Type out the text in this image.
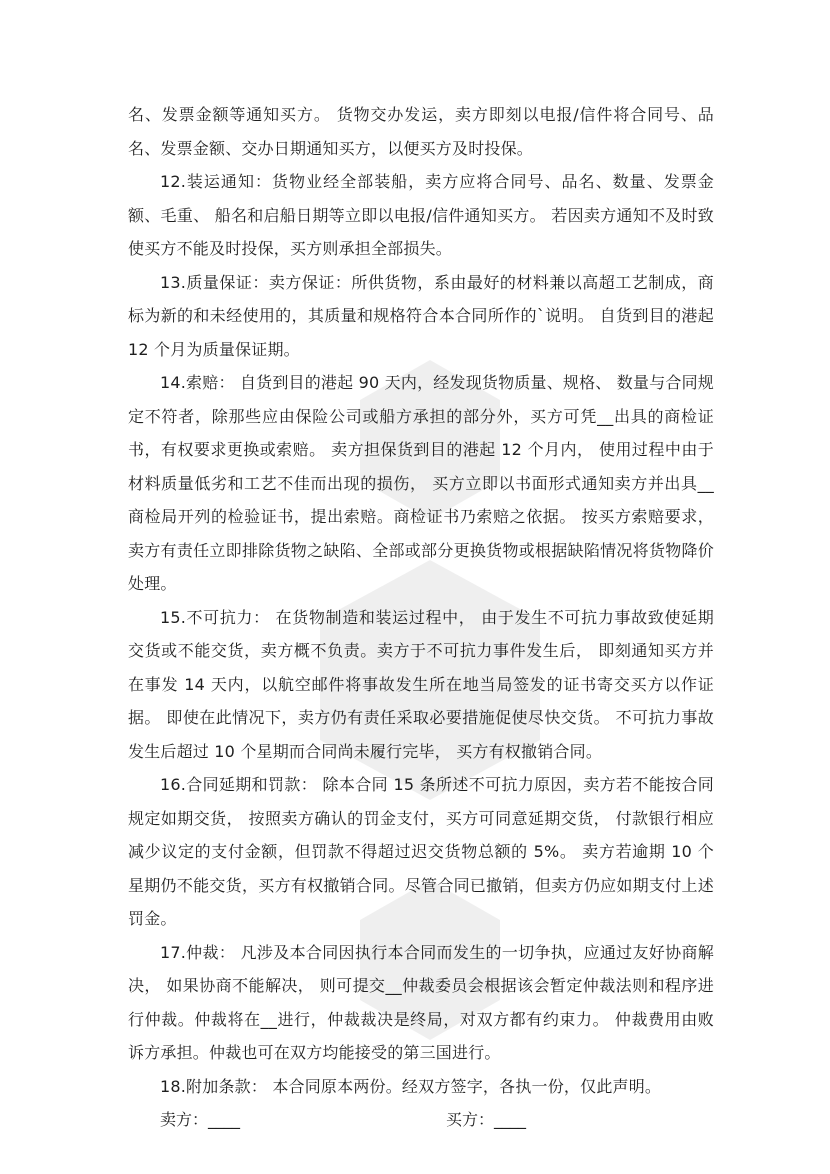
名、发票金额等通知买方。 货物交办发运，卖方即刻以电报/信件将合同号、品名、发票金额、交办日期通知买方，以便买方及时投保。

12.装运通知：货物业经全部装船，卖方应将合同号、品名、数量、发票金额、毛重、 船名和启船日期等立即以电报/信件通知买方。 若因卖方通知不及时致使买方不能及时投保，买方则承担全部损失。

13.质量保证：卖方保证：所供货物，系由最好的材料兼以高超工艺制成，商标为新的和未经使用的，其质量和规格符合本合同所作的`说明。 自货到目的港起 12 个月为质量保证期。

14.索赔： 自货到目的港起 90 天内，经发现货物质量、规格、 数量与合同规定不符者，除那些应由保险公司或船方承担的部分外，买方可凭__出具的商检证书，有权要求更换或索赔。 卖方担保货到目的港起 12 个月内， 使用过程中由于材料质量低劣和工艺不佳而出现的损伤， 买方立即以书面形式通知卖方并出具__商检局开列的检验证书，提出索赔。商检证书乃索赔之依据。 按买方索赔要求， 卖方有责任立即排除货物之缺陷、全部或部分更换货物或根据缺陷情况将货物降价 处理。

15.不可抗力： 在货物制造和装运过程中， 由于发生不可抗力事故致使延期交货或不能交货，卖方概不负责。卖方于不可抗力事件发生后， 即刻通知买方并在事发 14 天内，以航空邮件将事故发生所在地当局签发的证书寄交买方以作证据。 即使在此情况下，卖方仍有责任采取必要措施促使尽快交货。 不可抗力事故发生后超过 10 个星期而合同尚未履行完毕， 买方有权撤销合同。

16.合同延期和罚款： 除本合同 15 条所述不可抗力原因，卖方若不能按合同规定如期交货， 按照卖方确认的罚金支付，买方可同意延期交货， 付款银行相应减少议定的支付金额，但罚款不得超过迟交货物总额的 5%。 卖方若逾期 10 个星期仍不能交货，买方有权撤销合同。尽管合同已撤销，但卖方仍应如期支付上述罚金。

17.仲裁： 凡涉及本合同因执行本合同而发生的一切争执，应通过友好协商解决， 如果协商不能解决， 则可提交__仲裁委员会根据该会暂定仲裁法则和程序进行仲裁。仲裁将在__进行，仲裁裁决是终局，对双方都有约束力。 仲裁费用由败诉方承担。仲裁也可在双方均能接受的第三国进行。

18.附加条款： 本合同原本两份。经双方签字，各执一份，仅此声明。

卖方：____	买方：____
